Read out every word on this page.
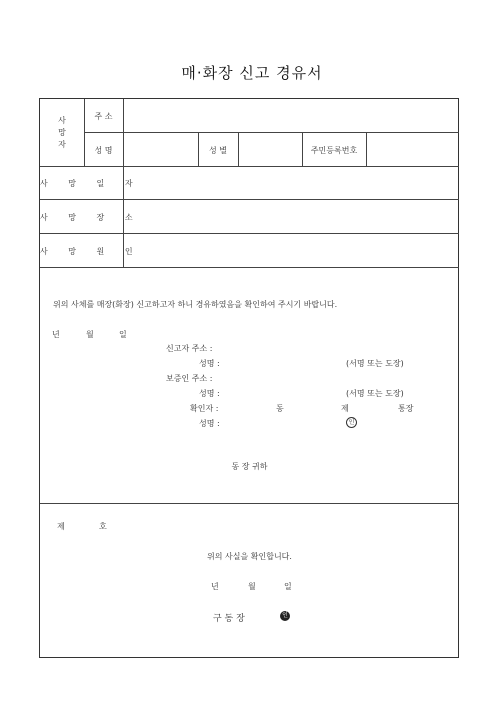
매·화장 신고 경유서
사
망
자
주 소
성 명	성 별	주민등록번호
사 망 일 자
사 망 장 소
사 망 원 인
위의 사체를 매장(화장) 신고하고자 하니 경유하였음을 확인하여 주시기 바랍니다.
년	월	일
신고자 주소 :
성명 :	(서명 또는 도장)
보증인 주소 :
성명 :	(서명 또는 도장)
확인자 :	동	제	통장
성명 :	인
동 장 귀하
제	호
위의 사실을 확인합니다.
년	월	일
구 동 장	인
